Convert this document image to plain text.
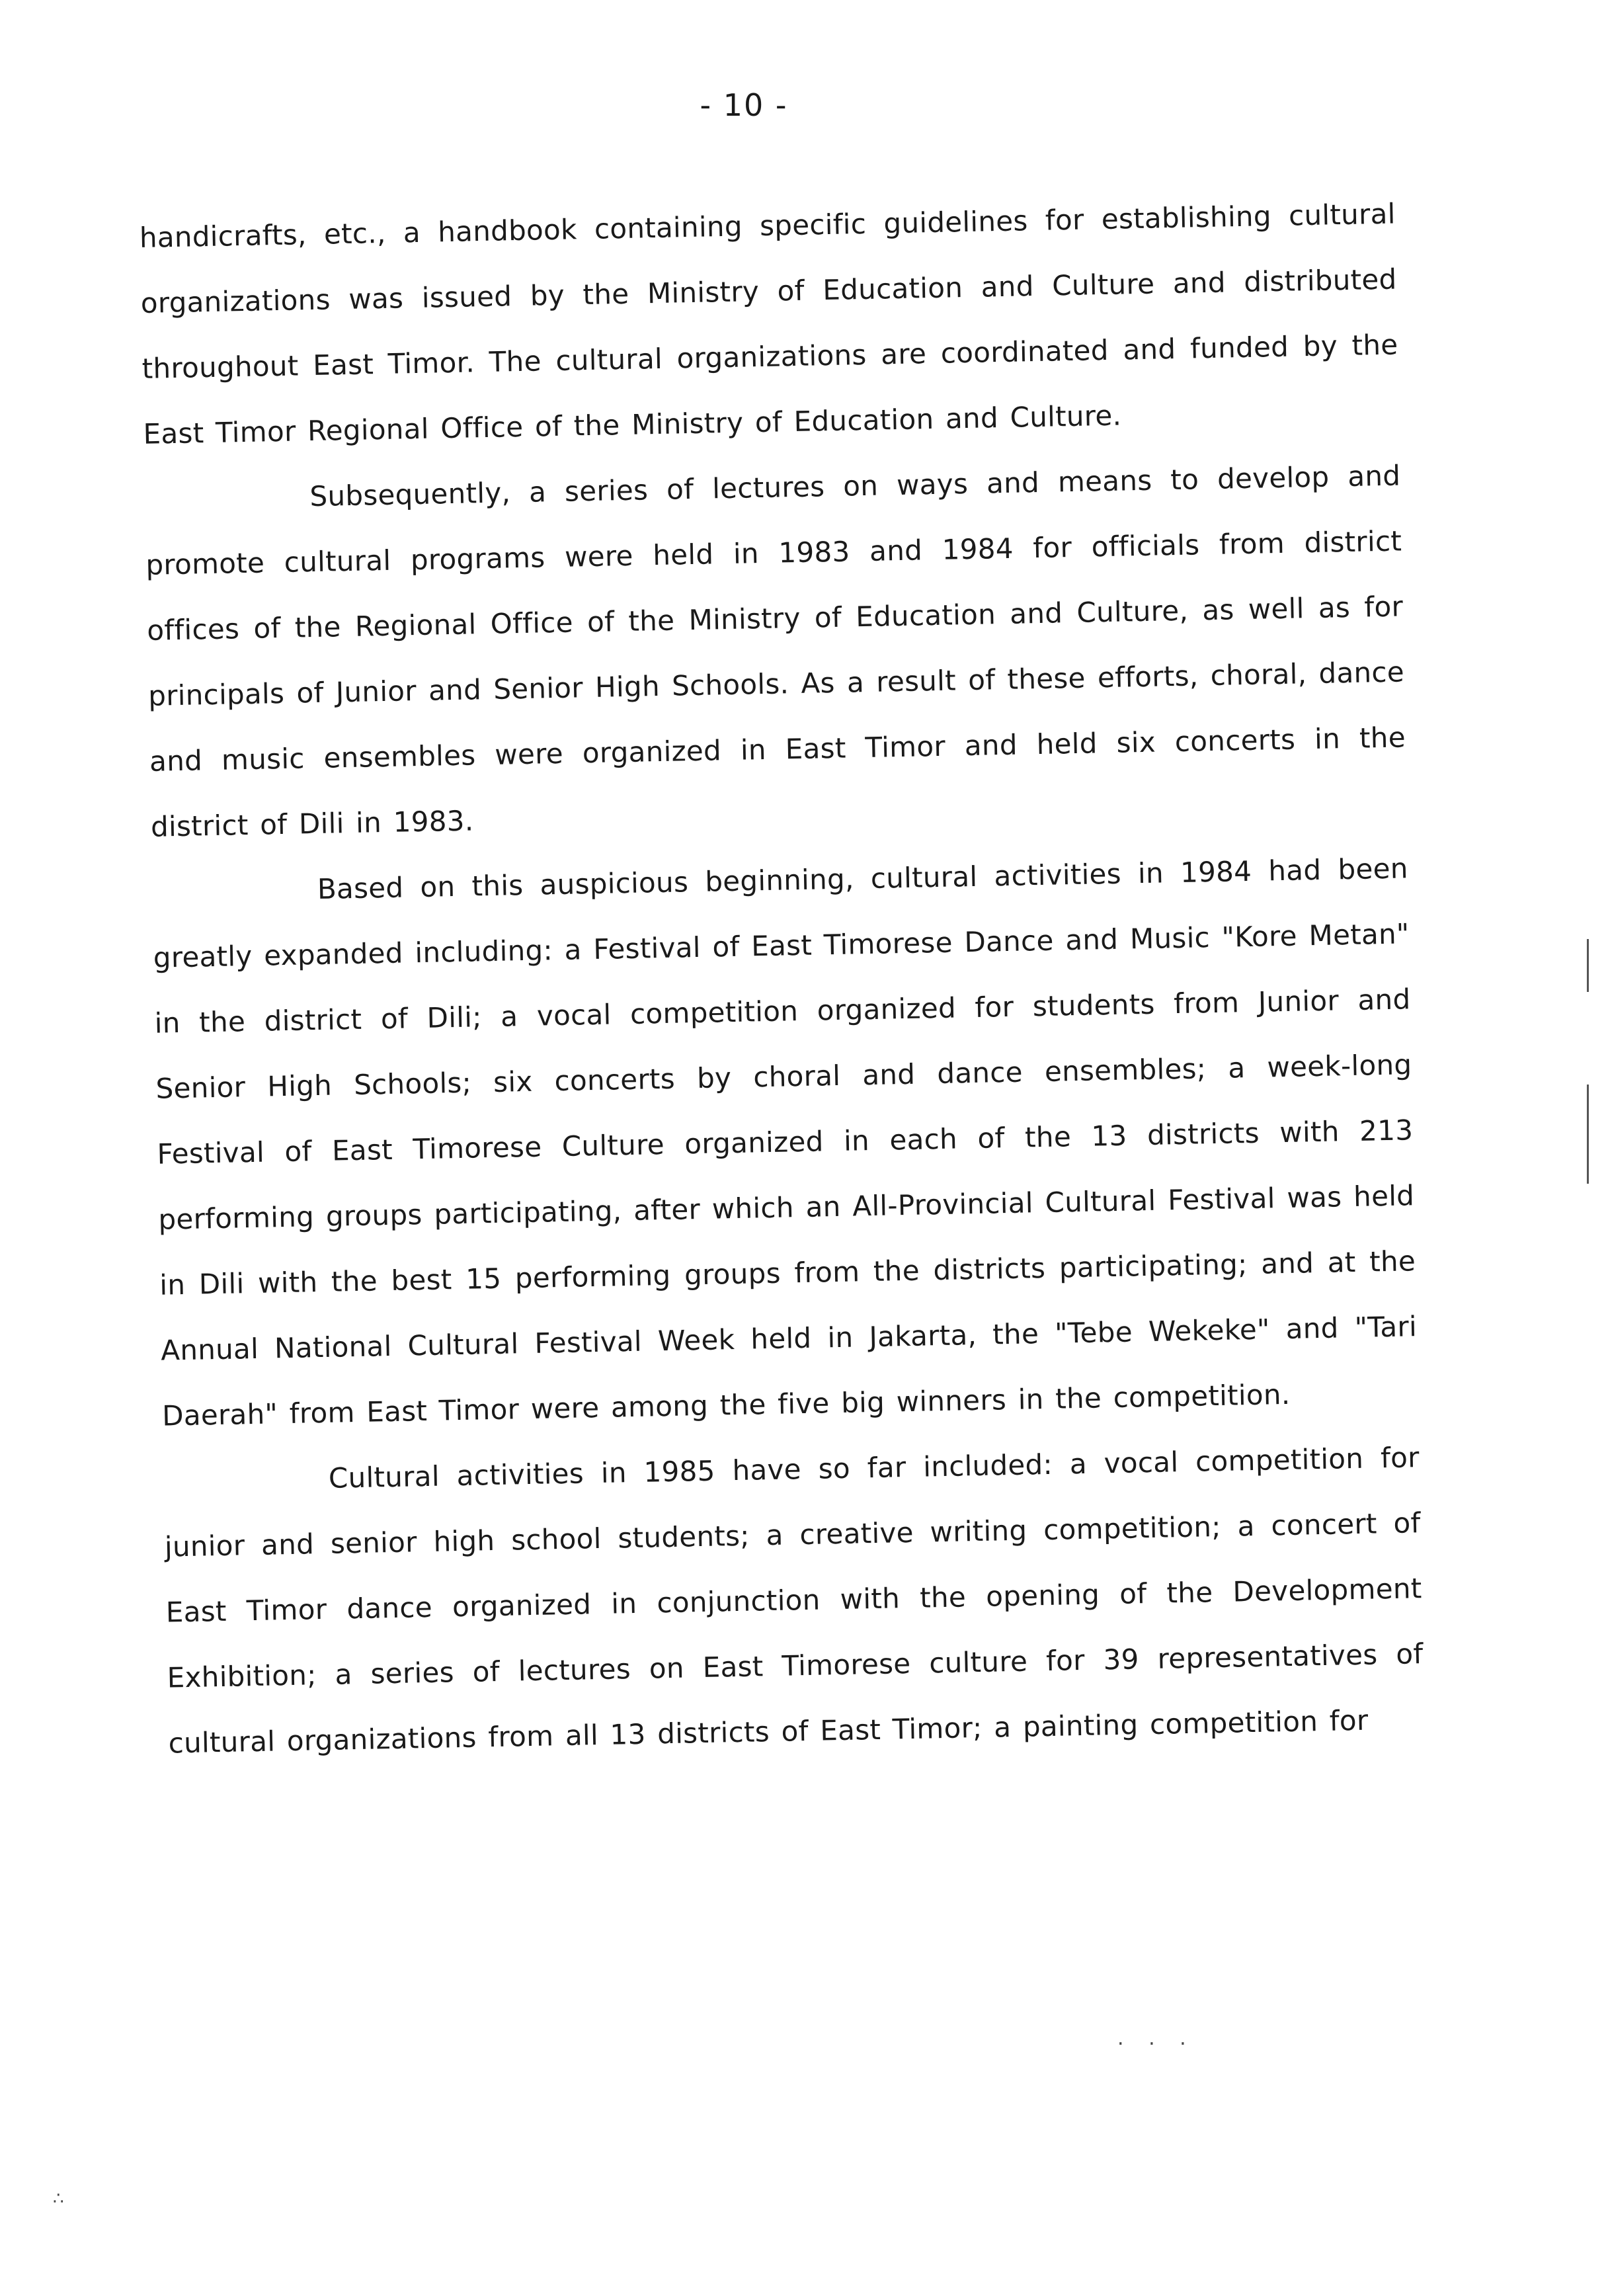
- 10 -

handicrafts, etc., a handbook containing specific guidelines for establishing cultural organizations was issued by the Ministry of Education and Culture and distributed throughout East Timor. The cultural organizations are coordinated and funded by the East Timor Regional Office of the Ministry of Education and Culture.

Subsequently, a series of lectures on ways and means to develop and promote cultural programs were held in 1983 and 1984 for officials from district offices of the Regional Office of the Ministry of Education and Culture, as well as for principals of Junior and Senior High Schools. As a result of these efforts, choral, dance and music ensembles were organized in East Timor and held six concerts in the district of Dili in 1983.

Based on this auspicious beginning, cultural activities in 1984 had been greatly expanded including: a Festival of East Timorese Dance and Music "Kore Metan" in the district of Dili; a vocal competition organized for students from Junior and Senior High Schools; six concerts by choral and dance ensembles; a week-long Festival of East Timorese Culture organized in each of the 13 districts with 213 performing groups participating, after which an All-Provincial Cultural Festival was held in Dili with the best 15 performing groups from the districts participating; and at the Annual National Cultural Festival Week held in Jakarta, the "Tebe Wekeke" and "Tari Daerah" from East Timor were among the five big winners in the competition.

Cultural activities in 1985 have so far included: a vocal competition for junior and senior high school students; a creative writing competition; a concert of East Timor dance organized in conjunction with the opening of the Development Exhibition; a series of lectures on East Timorese culture for 39 representatives of cultural organizations from all 13 districts of East Timor; a painting competition for

. . .
∴
